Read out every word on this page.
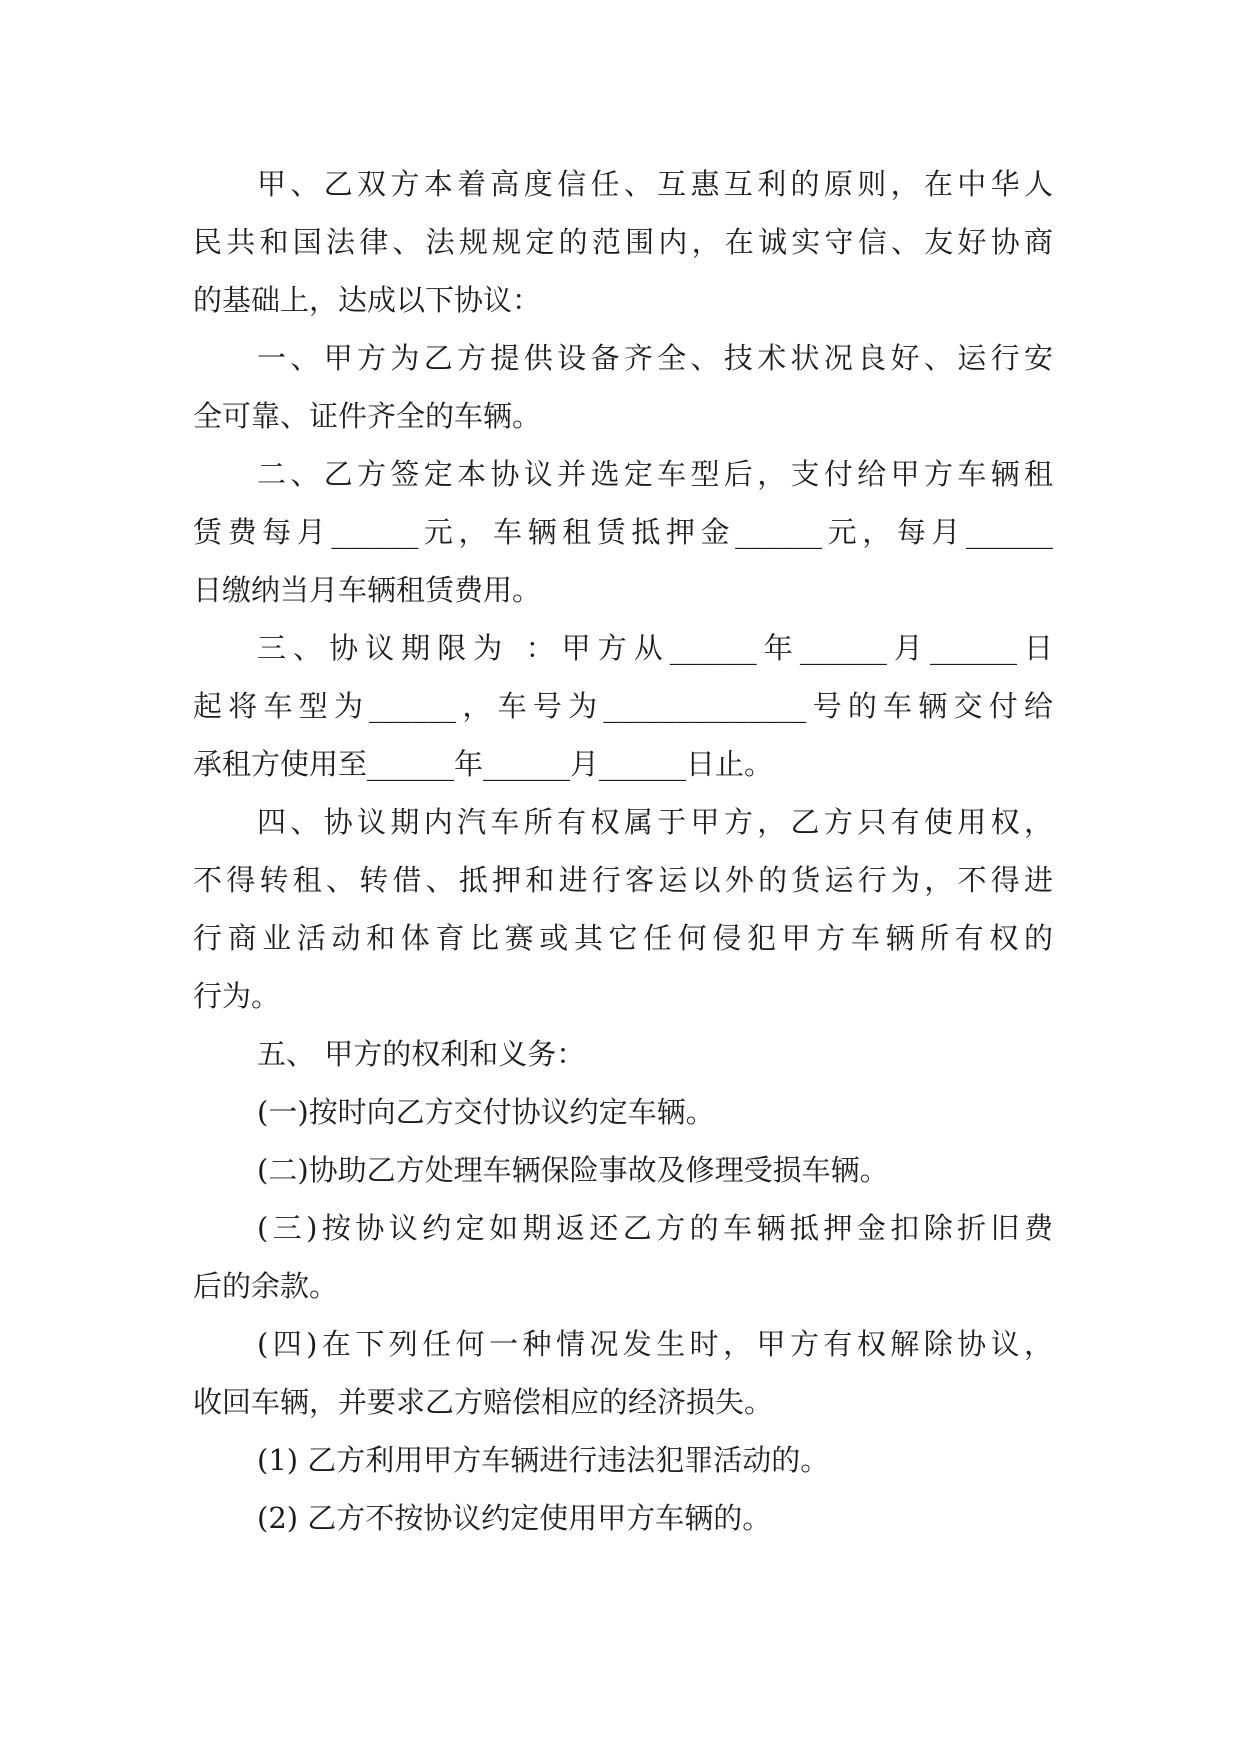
甲、乙双方本着高度信任、互惠互利的原则，在中华人
民共和国法律、法规规定的范围内，在诚实守信、友好协商
的基础上，达成以下协议：
一、甲方为乙方提供设备齐全、技术状况良好、运行安
全可靠、证件齐全的车辆。
二、乙方签定本协议并选定车型后，支付给甲方车辆租
赁费每月______元，车辆租赁抵押金______元，每月______
日缴纳当月车辆租赁费用。
三、协议期限为 ：甲方从______年______月______日
起将车型为______，车号为______________号的车辆交付给
承租方使用至______年______月______日止。
四、协议期内汽车所有权属于甲方，乙方只有使用权，
不得转租、转借、抵押和进行客运以外的货运行为，不得进
行商业活动和体育比赛或其它任何侵犯甲方车辆所有权的
行为。
五、 甲方的权利和义务：
(一)按时向乙方交付协议约定车辆。
(二)协助乙方处理车辆保险事故及修理受损车辆。
(三)按协议约定如期返还乙方的车辆抵押金扣除折旧费
后的余款。
(四)在下列任何一种情况发生时，甲方有权解除协议，
收回车辆，并要求乙方赔偿相应的经济损失。
(1) 乙方利用甲方车辆进行违法犯罪活动的。
(2) 乙方不按协议约定使用甲方车辆的。
